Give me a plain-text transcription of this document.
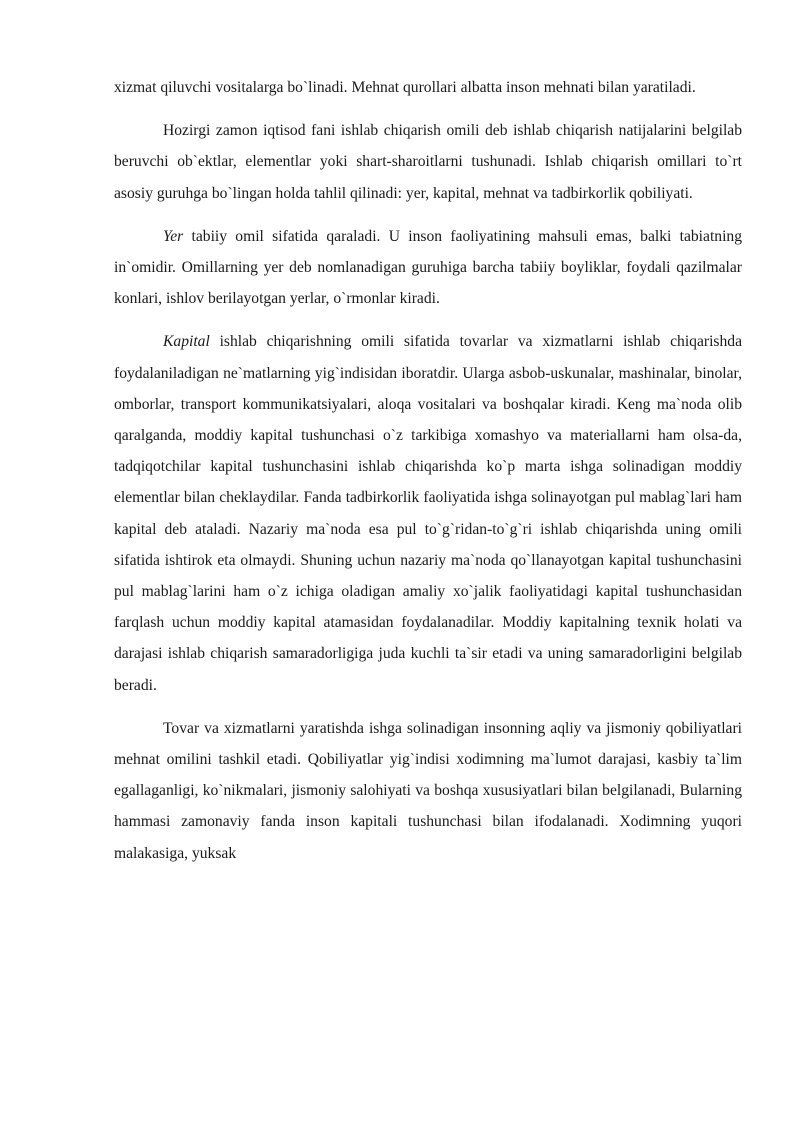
xizmat qiluvchi vositalarga bo`linadi. Mehnat qurollari albatta inson mehnati bilan yaratiladi.

Hozirgi zamon iqtisod fani ishlab chiqarish omili deb ishlab chiqarish natijalarini belgilab beruvchi ob`ektlar, elementlar yoki shart-sharoitlarni tushunadi. Ishlab chiqarish omillari to`rt asosiy guruhga bo`lingan holda tahlil qilinadi: yer, kapital, mehnat va tadbirkorlik qobiliyati.

Yer tabiiy omil sifatida qaraladi. U inson faoliyatining mahsuli emas, balki tabiatning in`omidir. Omillarning yer deb nomlanadigan guruhiga barcha tabiiy boyliklar, foydali qazilmalar konlari, ishlov berilayotgan yerlar, o`rmonlar kiradi.

Kapital ishlab chiqarishning omili sifatida tovarlar va xizmatlarni ishlab chiqarishda foydalaniladigan ne`matlarning yig`indisidan iboratdir. Ularga asbob-uskunalar, mashinalar, binolar, omborlar, transport kommunikatsiyalari, aloqa vositalari va boshqalar kiradi. Keng ma`noda olib qaralganda, moddiy kapital tushunchasi o`z tarkibiga xomashyo va materiallarni ham olsa-da, tadqiqotchilar kapital tushunchasini ishlab chiqarishda ko`p marta ishga solinadigan moddiy elementlar bilan cheklaydilar. Fanda tadbirkorlik faoliyatida ishga solinayotgan pul mablag`lari ham kapital deb ataladi. Nazariy ma`noda esa pul to`g`ridan-to`g`ri ishlab chiqarishda uning omili sifatida ishtirok eta olmaydi. Shuning uchun nazariy ma`noda qo`llanayotgan kapital tushunchasini pul mablag`larini ham o`z ichiga oladigan amaliy xo`jalik faoliyatidagi kapital tushunchasidan farqlash uchun moddiy kapital atamasidan foydalanadilar. Moddiy kapitalning texnik holati va darajasi ishlab chiqarish samaradorligiga juda kuchli ta`sir etadi va uning samaradorligini belgilab beradi.

Tovar va xizmatlarni yaratishda ishga solinadigan insonning aqliy va jismoniy qobiliyatlari mehnat omilini tashkil etadi. Qobiliyatlar yig`indisi xodimning ma`lumot darajasi, kasbiy ta`lim egallaganligi, ko`nikmalari, jismoniy salohiyati va boshqa xususiyatlari bilan belgilanadi, Bularning hammasi zamonaviy fanda inson kapitali tushunchasi bilan ifodalanadi. Xodimning yuqori malakasiga, yuksak
